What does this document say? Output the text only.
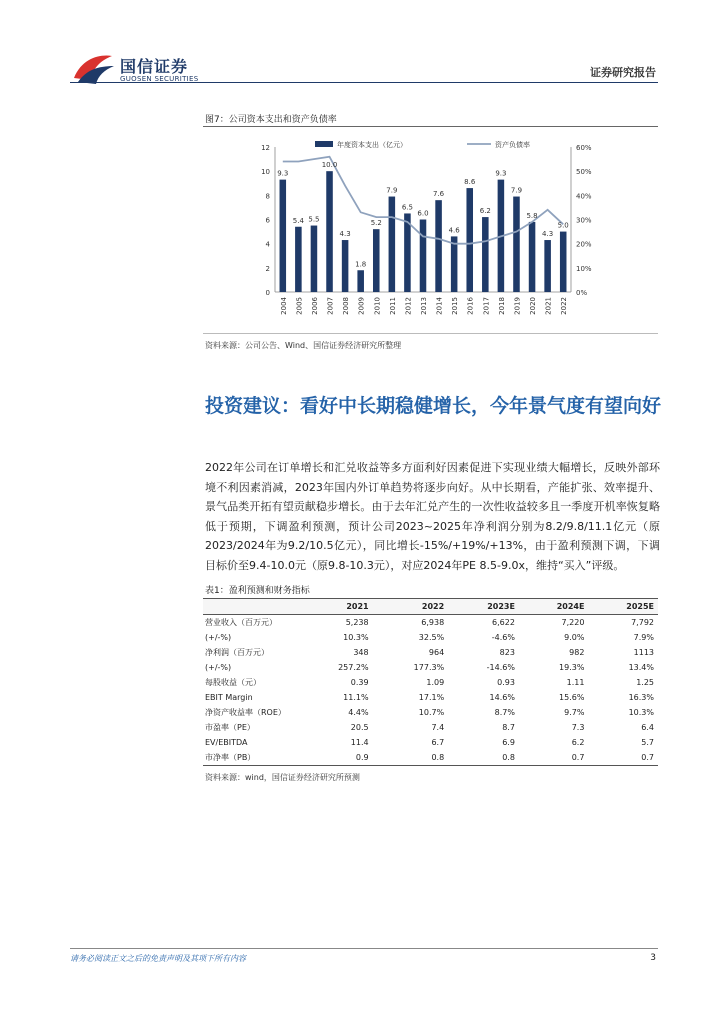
国信证券
GUOSEN SECURITIES	证券研究报告
图7：公司资本支出和资产负债率
0
2
4
6
8
10
12
0%
10%
20%
30%
40%
50%
60%
9.3
5.4 5.5
10.0
4.3
1.8
5.2
7.9
6.5
6.0
7.6
4.6
8.6
6.2
9.3
7.9
5.8
4.3
5.0
2004 2005 2006 2007 2008 2009 2010 2011 2012 2013 2014 2015 2016 2017 2018 2019 2020 2021 2022
年度资本支出（亿元）	资产负债率
资料来源：公司公告、Wind、国信证券经济研究所整理
投资建议：看好中长期稳健增长，今年景气度有望向好
2022年公司在订单增长和汇兑收益等多方面利好因素促进下实现业绩大幅增长，反映外部环境不利因素消减，2023年国内外订单趋势将逐步向好。从中长期看，产能扩张、效率提升、景气品类开拓有望贡献稳步增长。由于去年汇兑产生的一次性收益较多且一季度开机率恢复略低于预期，下调盈利预测，预计公司2023~2025年净利润分别为8.2/9.8/11.1亿元（原2023/2024年为9.2/10.5亿元），同比增长-15%/+19%/+13%，由于盈利预测下调，下调目标价至9.4-10.0元（原9.8-10.3元），对应2024年PE 8.5-9.0x，维持“买入”评级。
表1：盈利预测和财务指标
	2021	2022	2023E	2024E	2025E
营业收入（百万元）	5,238	6,938	6,622	7,220	7,792
(+/-%)	10.3%	32.5%	-4.6%	9.0%	7.9%
净利润（百万元）	348	964	823	982	1113
(+/-%)	257.2%	177.3%	-14.6%	19.3%	13.4%
每股收益（元）	0.39	1.09	0.93	1.11	1.25
EBIT Margin	11.1%	17.1%	14.6%	15.6%	16.3%
净资产收益率（ROE）	4.4%	10.7%	8.7%	9.7%	10.3%
市盈率（PE）	20.5	7.4	8.7	7.3	6.4
EV/EBITDA	11.4	6.7	6.9	6.2	5.7
市净率（PB）	0.9	0.8	0.8	0.7	0.7
资料来源：wind，国信证券经济研究所预测
请务必阅读正文之后的免责声明及其项下所有内容	3
